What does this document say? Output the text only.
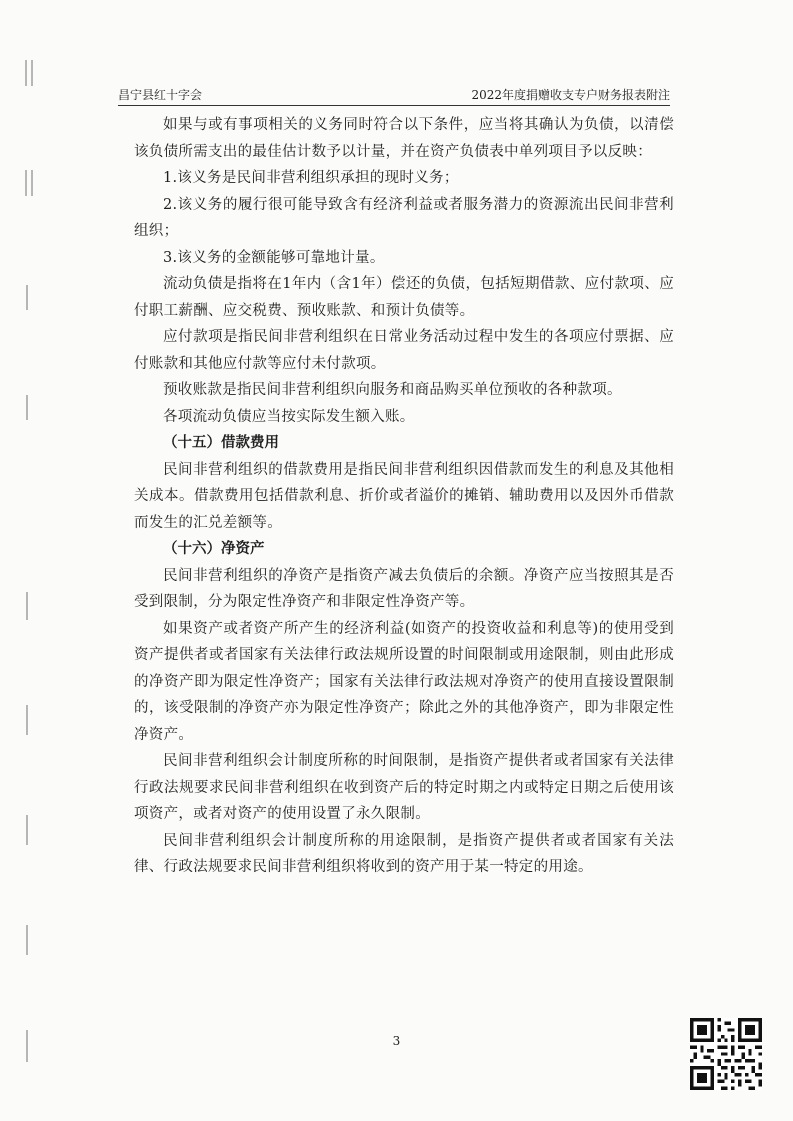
昌宁县红十字会	2022年度捐赠收支专户财务报表附注

如果与或有事项相关的义务同时符合以下条件，应当将其确认为负债，以清偿该负债所需支出的最佳估计数予以计量，并在资产负债表中单列项目予以反映：

1.该义务是民间非营利组织承担的现时义务；

2.该义务的履行很可能导致含有经济利益或者服务潜力的资源流出民间非营利组织；

3.该义务的金额能够可靠地计量。

流动负债是指将在1年内（含1年）偿还的负债，包括短期借款、应付款项、应付职工薪酬、应交税费、预收账款、和预计负债等。

应付款项是指民间非营利组织在日常业务活动过程中发生的各项应付票据、应付账款和其他应付款等应付未付款项。

预收账款是指民间非营利组织向服务和商品购买单位预收的各种款项。

各项流动负债应当按实际发生额入账。

（十五）借款费用

民间非营利组织的借款费用是指民间非营利组织因借款而发生的利息及其他相关成本。借款费用包括借款利息、折价或者溢价的摊销、辅助费用以及因外币借款而发生的汇兑差额等。

（十六）净资产

民间非营利组织的净资产是指资产减去负债后的余额。净资产应当按照其是否受到限制，分为限定性净资产和非限定性净资产等。

如果资产或者资产所产生的经济利益(如资产的投资收益和利息等)的使用受到资产提供者或者国家有关法律行政法规所设置的时间限制或用途限制，则由此形成的净资产即为限定性净资产；国家有关法律行政法规对净资产的使用直接设置限制的，该受限制的净资产亦为限定性净资产；除此之外的其他净资产，即为非限定性净资产。

民间非营利组织会计制度所称的时间限制，是指资产提供者或者国家有关法律行政法规要求民间非营利组织在收到资产后的特定时期之内或特定日期之后使用该项资产，或者对资产的使用设置了永久限制。

民间非营利组织会计制度所称的用途限制，是指资产提供者或者国家有关法律、行政法规要求民间非营利组织将收到的资产用于某一特定的用途。

3
